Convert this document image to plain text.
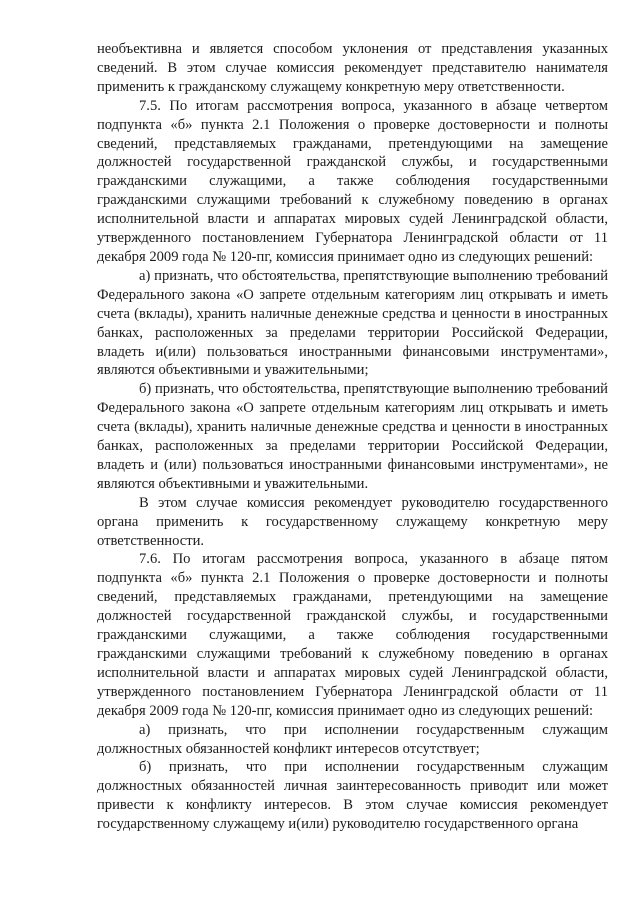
необъективна и является способом уклонения от представления указанных сведений. В этом случае комиссия рекомендует представителю нанимателя применить к гражданскому служащему конкретную меру ответственности.

7.5. По итогам рассмотрения вопроса, указанного в абзаце четвертом подпункта «б» пункта 2.1 Положения о проверке достоверности и полноты сведений, представляемых гражданами, претендующими на замещение должностей государственной гражданской службы, и государственными гражданскими служащими, а также соблюдения государственными гражданскими служащими требований к служебному поведению в органах исполнительной власти и аппаратах мировых судей Ленинградской области, утвержденного постановлением Губернатора Ленинградской области от 11 декабря 2009 года № 120-пг, комиссия принимает одно из следующих решений:

а) признать, что обстоятельства, препятствующие выполнению требований Федерального закона «О запрете отдельным категориям лиц открывать и иметь счета (вклады), хранить наличные денежные средства и ценности в иностранных банках, расположенных за пределами территории Российской Федерации, владеть и(или) пользоваться иностранными финансовыми инструментами», являются объективными и уважительными;

б) признать, что обстоятельства, препятствующие выполнению требований Федерального закона «О запрете отдельным категориям лиц открывать и иметь счета (вклады), хранить наличные денежные средства и ценности в иностранных банках, расположенных за пределами территории Российской Федерации, владеть и (или) пользоваться иностранными финансовыми инструментами», не являются объективными и уважительными.

В этом случае комиссия рекомендует руководителю государственного органа применить к государственному служащему конкретную меру ответственности.

7.6. По итогам рассмотрения вопроса, указанного в абзаце пятом подпункта «б» пункта 2.1 Положения о проверке достоверности и полноты сведений, представляемых гражданами, претендующими на замещение должностей государственной гражданской службы, и государственными гражданскими служащими, а также соблюдения государственными гражданскими служащими требований к служебному поведению в органах исполнительной власти и аппаратах мировых судей Ленинградской области, утвержденного постановлением Губернатора Ленинградской области от 11 декабря 2009 года № 120-пг, комиссия принимает одно из следующих решений:

а) признать, что при исполнении государственным служащим должностных обязанностей конфликт интересов отсутствует;

б) признать, что при исполнении государственным служащим должностных обязанностей личная заинтересованность приводит или может привести к конфликту интересов. В этом случае комиссия рекомендует государственному служащему и(или) руководителю государственного органа
